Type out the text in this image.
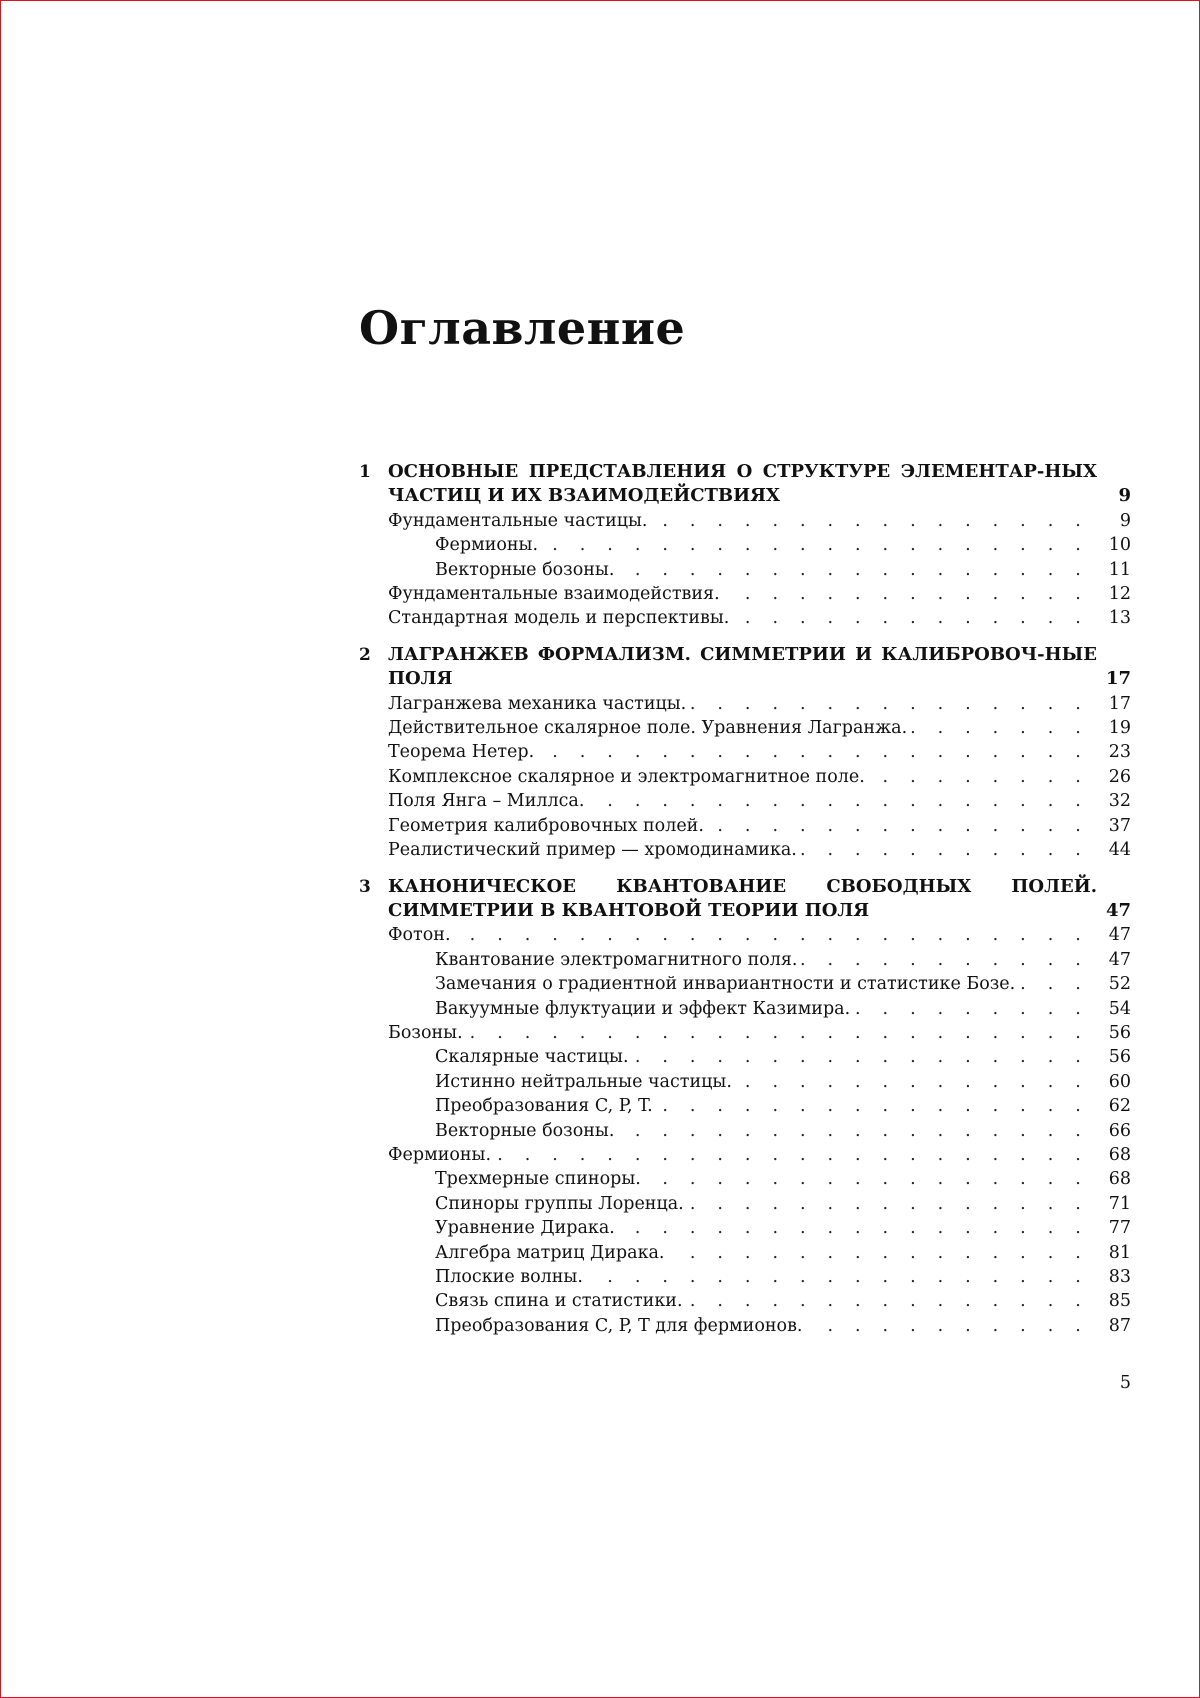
Оглавление
1 ОСНОВНЫЕ ПРЕДСТАВЛЕНИЯ О СТРУКТУРЕ ЭЛЕМЕНТАР-НЫХ ЧАСТИЦ И ИХ ВЗАИМОДЕЙСТВИЯХ	9
Фундаментальные частицы. . . .	9
Фермионы. . . .	10
Векторные бозоны. . . .	11
Фундаментальные взаимодействия. . . .	12
Стандартная модель и перспективы. . . .	13
2 ЛАГРАНЖЕВ ФОРМАЛИЗМ. СИММЕТРИИ И КАЛИБРОВОЧ-НЫЕ ПОЛЯ	17
Лагранжева механика частицы. . . .	17
Действительное скалярное поле. Уравнения Лагранжа. . . .	19
Теорема Нетер. . . .	23
Комплексное скалярное и электромагнитное поле. . . .	26
Поля Янга – Миллса. . . .	32
Геометрия калибровочных полей. . . .	37
Реалистический пример — хромодинамика. . . .	44
3 КАНОНИЧЕСКОЕ КВАНТОВАНИЕ СВОБОДНЫХ ПОЛЕЙ. СИММЕТРИИ В КВАНТОВОЙ ТЕОРИИ ПОЛЯ	47
Фотон. . . .	47
Квантование электромагнитного поля. . . .	47
Замечания о градиентной инвариантности и статистике Бозе. . . .	52
Вакуумные флуктуации и эффект Казимира. . . .	54
Бозоны. . . .	56
Скалярные частицы. . . .	56
Истинно нейтральные частицы. . . .	60
Преобразования C, P, T. . . .	62
Векторные бозоны. . . .	66
Фермионы. . . .	68
Трехмерные спиноры. . . .	68
Спиноры группы Лоренца. . . .	71
Уравнение Дирака. . . .	77
Алгебра матриц Дирака. . . .	81
Плоские волны. . . .	83
Связь спина и статистики. . . .	85
Преобразования C, P, T для фермионов. . . .	87
5
